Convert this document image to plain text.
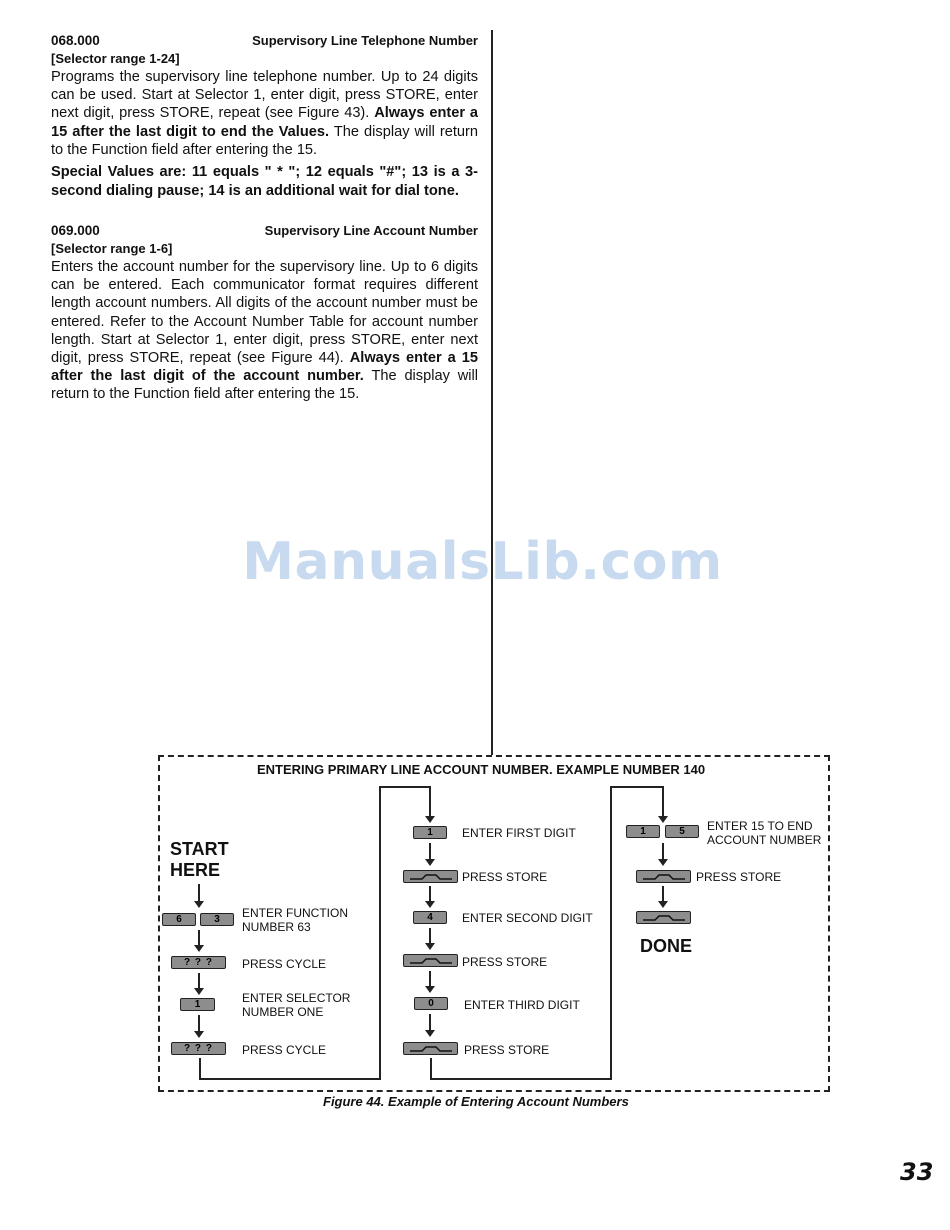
068.000	Supervisory Line Telephone Number
[Selector range 1-24]

Programs the supervisory line telephone number. Up to 24 digits can be used. Start at Selector 1, enter digit, press STORE, enter next digit, press STORE, repeat (see Figure 43). Always enter a 15 after the last digit to end the Values. The display will return to the Function field after entering the 15.

Special Values are: 11 equals " * "; 12 equals "#"; 13 is a 3-second dialing pause; 14 is an additional wait for dial tone.

069.000	Supervisory Line Account Number
[Selector range 1-6]

Enters the account number for the supervisory line. Up to 6 digits can be entered. Each communicator format requires different length account numbers. All digits of the account number must be entered. Refer to the Account Number Table for account number length. Start at Selector 1, enter digit, press STORE, enter next digit, press STORE, repeat (see Figure 44). Always enter a 15 after the last digit of the account number. The display will return to the Function field after entering the 15.

ManualsLib.com
ENTERING PRIMARY LINE ACCOUNT NUMBER. EXAMPLE NUMBER 140
START
HERE
DONE
6	3 ENTER FUNCTION
NUMBER 63
? ? ? PRESS CYCLE
1	ENTER SELECTOR
NUMBER ONE
? ? ? PRESS CYCLE
1 ENTER FIRST DIGIT
PRESS STORE
4 ENTER SECOND DIGIT
PRESS STORE
0	ENTER THIRD DIGIT
PRESS STORE
1	5 ENTER 15 TO END
ACCOUNT NUMBER
PRESS STORE
Figure 44. Example of Entering Account Numbers
33
